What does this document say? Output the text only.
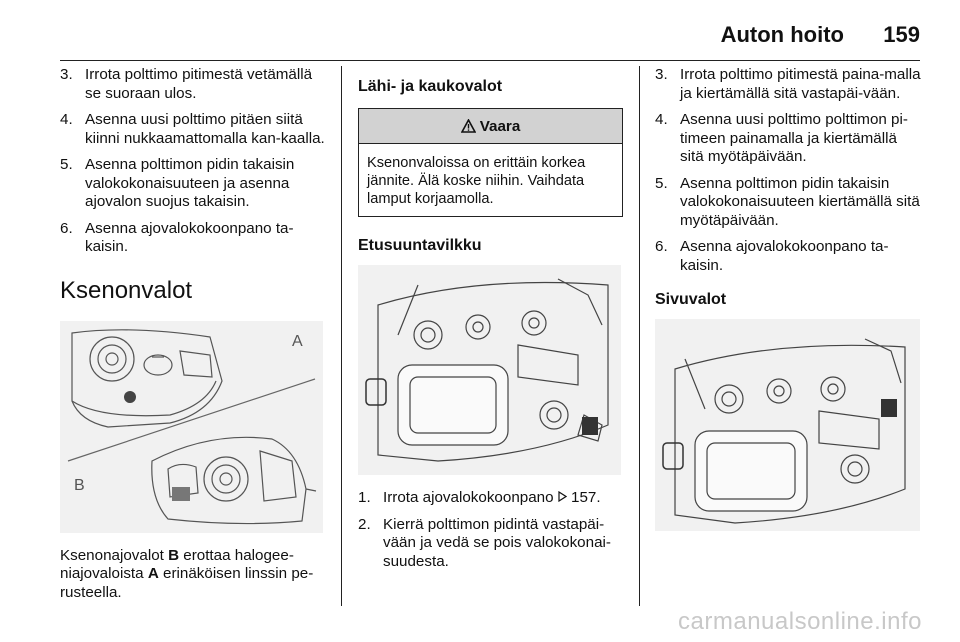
Auton hoito 159
3. Irrota polttimo pitimestä vetämällä se suoraan ulos.
4. Asenna uusi polttimo pitäen siitä kiinni nukkaamattomalla kan-kaalla.
5. Asenna polttimon pidin takaisin valokokonaisuuteen ja asenna ajovalon suojus takaisin.
6. Asenna ajovalokokoonpano ta-kaisin.
Ksenonvalot
A
B
Ksenonajovalot B erottaa halogee-niajovaloista A erinäköisen linssin pe-rusteella.
Lähi- ja kaukovalot
Vaara
Ksenonvaloissa on erittäin korkea jännite. Älä koske niihin. Vaihdata lamput korjaamolla.
Etusuuntavilkku
1. Irrota ajovalokokoonpano  157.
2. Kierrä polttimon pidintä vastapäi-vään ja vedä se pois valokokonai-suudesta.
3. Irrota polttimo pitimestä paina-malla ja kiertämällä sitä vastapäi-vään.
4. Asenna uusi polttimo polttimon pi-timeen painamalla ja kiertämällä sitä myötäpäivään.
5. Asenna polttimon pidin takaisin valokokonaisuuteen kiertämällä sitä myötäpäivään.
6. Asenna ajovalokokoonpano ta-kaisin.
Sivuvalot
carmanualsonline.info
